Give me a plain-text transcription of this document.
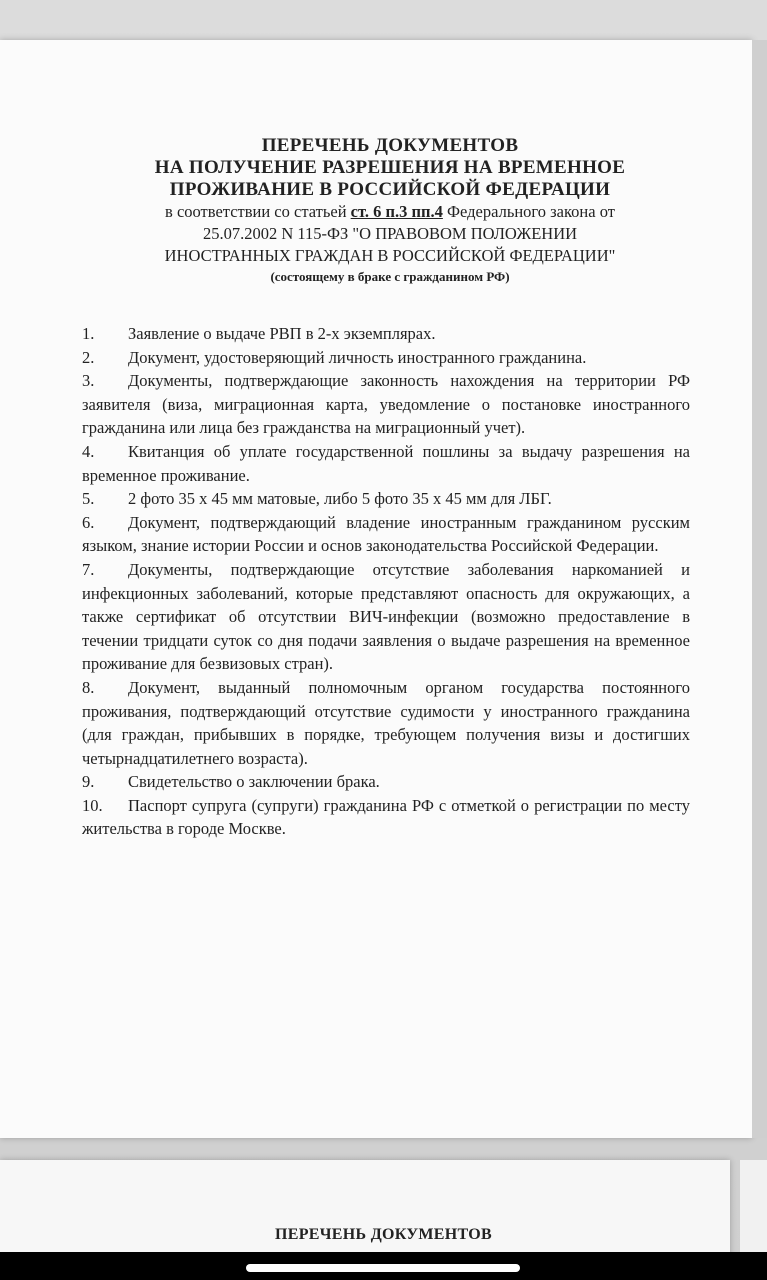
ПЕРЕЧЕНЬ ДОКУМЕНТОВ

НА ПОЛУЧЕНИЕ РАЗРЕШЕНИЯ НА ВРЕМЕННОЕ

ПРОЖИВАНИЕ В РОССИЙСКОЙ ФЕДЕРАЦИИ

в соответствии со статьей ст. 6 п.3 пп.4 Федерального закона от

25.07.2002 N 115-ФЗ "О ПРАВОВОМ ПОЛОЖЕНИИ

ИНОСТРАННЫХ ГРАЖДАН В РОССИЙСКОЙ ФЕДЕРАЦИИ"

(состоящему в браке с гражданином РФ)

1. Заявление о выдаче РВП в 2-х экземплярах.

2. Документ, удостоверяющий личность иностранного гражданина.

3. Документы, подтверждающие законность нахождения на территории РФ заявителя (виза, миграционная карта, уведомление о постановке иностранного гражданина или лица без гражданства на миграционный учет).

4. Квитанция об уплате государственной пошлины за выдачу разрешения на временное проживание.

5. 2 фото 35 х 45 мм матовые, либо 5 фото 35 х 45 мм для ЛБГ.

6. Документ, подтверждающий владение иностранным гражданином русским языком, знание истории России и основ законодательства Российской Федерации.

7. Документы, подтверждающие отсутствие заболевания наркоманией и инфекционных заболеваний, которые представляют опасность для окружающих, а также сертификат об отсутствии ВИЧ-инфекции (возможно предоставление в течении тридцати суток со дня подачи заявления о выдаче разрешения на временное проживание для безвизовых стран).

8. Документ, выданный полномочным органом государства постоянного проживания, подтверждающий отсутствие судимости у иностранного гражданина (для граждан, прибывших в порядке, требующем получения визы и достигших четырнадцатилетнего возраста).

9. Свидетельство о заключении брака.

10. Паспорт супруга (супруги) гражданина РФ с отметкой о регистрации по месту жительства в городе Москве.

ПЕРЕЧЕНЬ ДОКУМЕНТОВ
